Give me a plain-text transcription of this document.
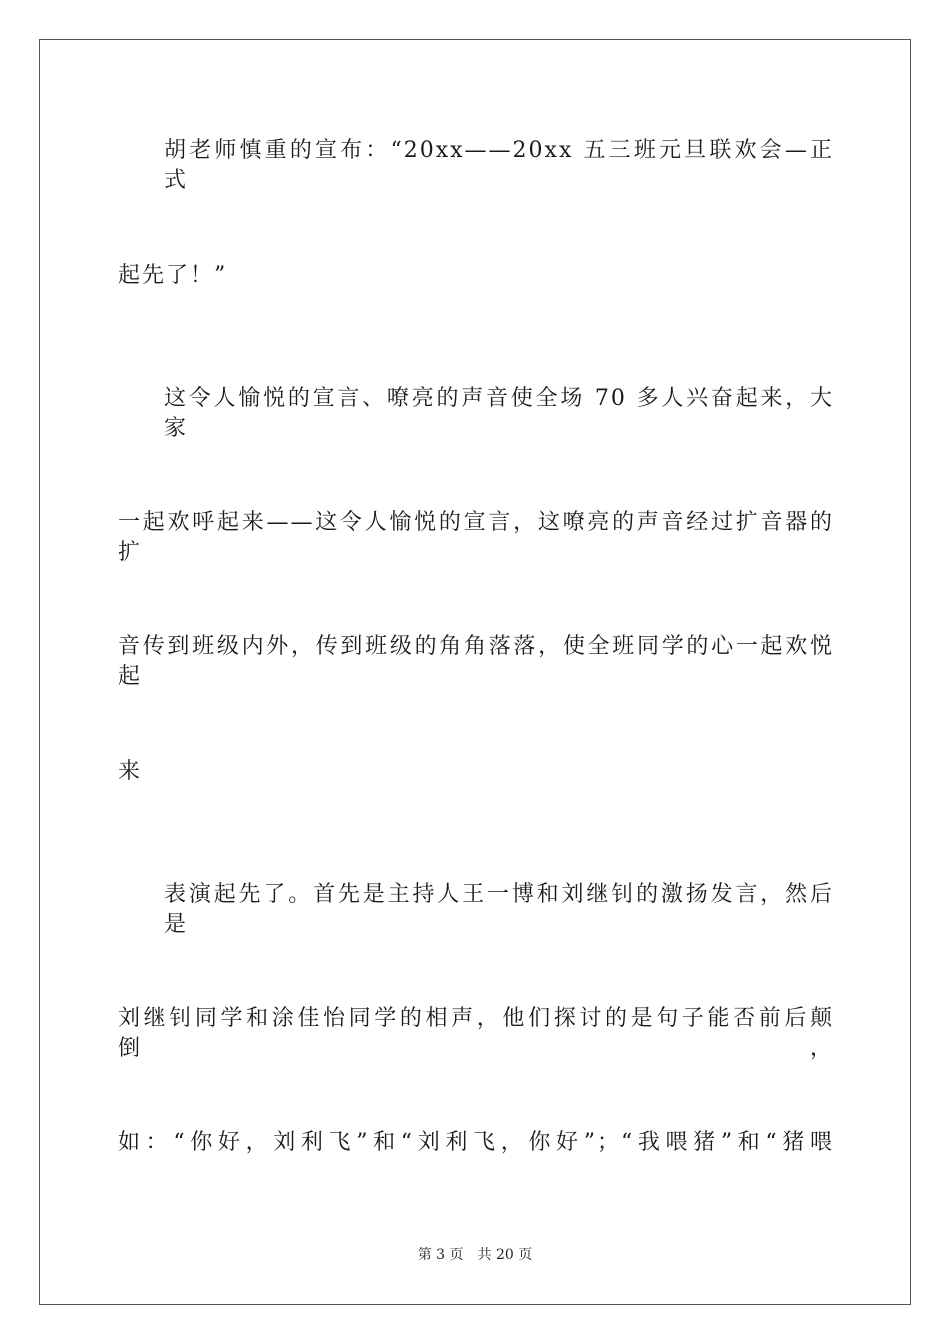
胡老师慎重的宣布：“20xx——20xx 五三班元旦联欢会—正式
起先了！”
这令人愉悦的宣言、嘹亮的声音使全场 70 多人兴奋起来，大家
一起欢呼起来——这令人愉悦的宣言，这嘹亮的声音经过扩音器的扩
音传到班级内外，传到班级的角角落落，使全班同学的心一起欢悦起
来
表演起先了。首先是主持人王一博和刘继钊的激扬发言，然后是
刘继钊同学和涂佳怡同学的相声，他们探讨的是句子能否前后颠倒，
如：“你好，刘利飞”和“刘利飞，你好”；“我喂猪”和“猪喂
第 3 页 共 20 页
